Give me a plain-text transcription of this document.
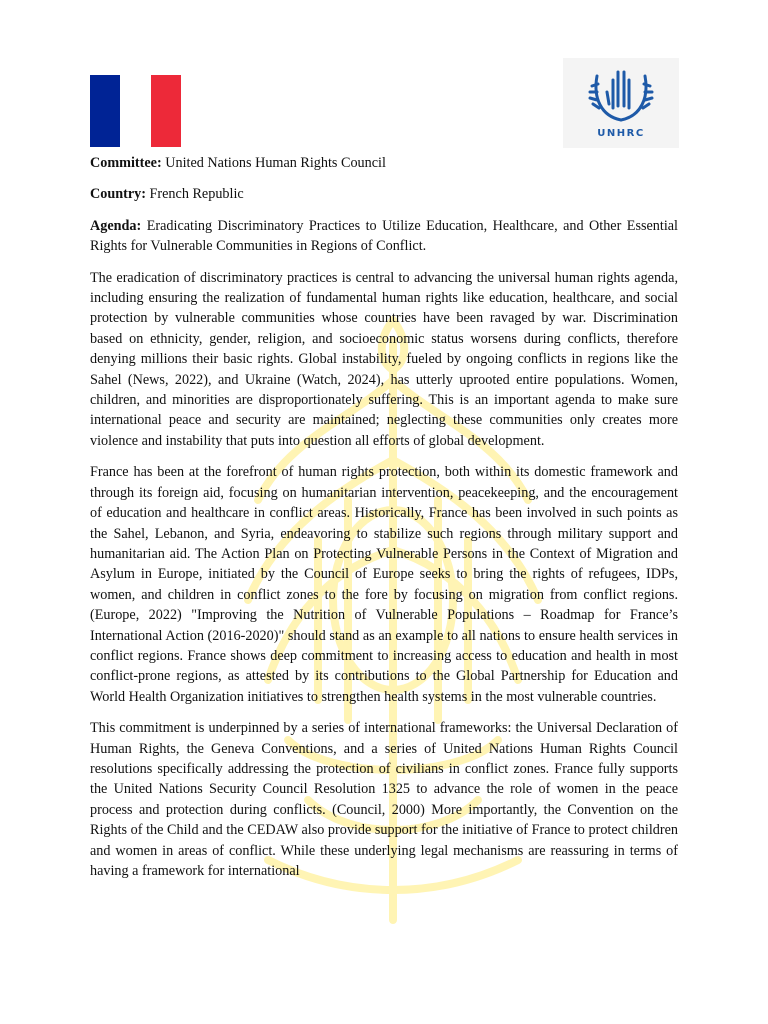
UNHRC

Committee: United Nations Human Rights Council

Country: French Republic

Agenda: Eradicating Discriminatory Practices to Utilize Education, Healthcare, and Other Essential Rights for Vulnerable Communities in Regions of Conflict.

The eradication of discriminatory practices is central to advancing the universal human rights agenda, including ensuring the realization of fundamental human rights like education, healthcare, and social protection by vulnerable communities whose countries have been ravaged by war. Discrimination based on ethnicity, gender, religion, and socioeconomic status worsens during conflicts, therefore denying millions their basic rights. Global instability, fueled by ongoing conflicts in regions like the Sahel (News, 2022), and Ukraine (Watch, 2024), has utterly uprooted entire populations. Women, children, and minorities are disproportionately suffering. This is an important agenda to make sure international peace and security are maintained; neglecting these communities only creates more violence and instability that puts into question all efforts of global development.

France has been at the forefront of human rights protection, both within its domestic framework and through its foreign aid, focusing on humanitarian intervention, peacekeeping, and the encouragement of education and healthcare in conflict areas. Historically, France has been involved in such points as the Sahel, Lebanon, and Syria, endeavoring to stabilize such regions through military support and humanitarian aid. The Action Plan on Protecting Vulnerable Persons in the Context of Migration and Asylum in Europe, initiated by the Council of Europe seeks to bring the rights of refugees, IDPs, women, and children in conflict zones to the fore by focusing on migration from conflict regions. (Europe, 2022) "Improving the Nutrition of Vulnerable Populations – Roadmap for France’s International Action (2016-2020)" should stand as an example to all nations to ensure health services in conflict regions. France shows deep commitment to increasing access to education and health in most conflict-prone regions, as attested by its contributions to the Global Partnership for Education and World Health Organization initiatives to strengthen health systems in the most vulnerable countries.

This commitment is underpinned by a series of international frameworks: the Universal Declaration of Human Rights, the Geneva Conventions, and a series of United Nations Human Rights Council resolutions specifically addressing the protection of civilians in conflict zones. France fully supports the United Nations Security Council Resolution 1325 to advance the role of women in the peace process and protection during conflicts. (Council, 2000) More importantly, the Convention on the Rights of the Child and the CEDAW also provide support for the initiative of France to protect children and women in areas of conflict. While these underlying legal mechanisms are reassuring in terms of having a framework for international
